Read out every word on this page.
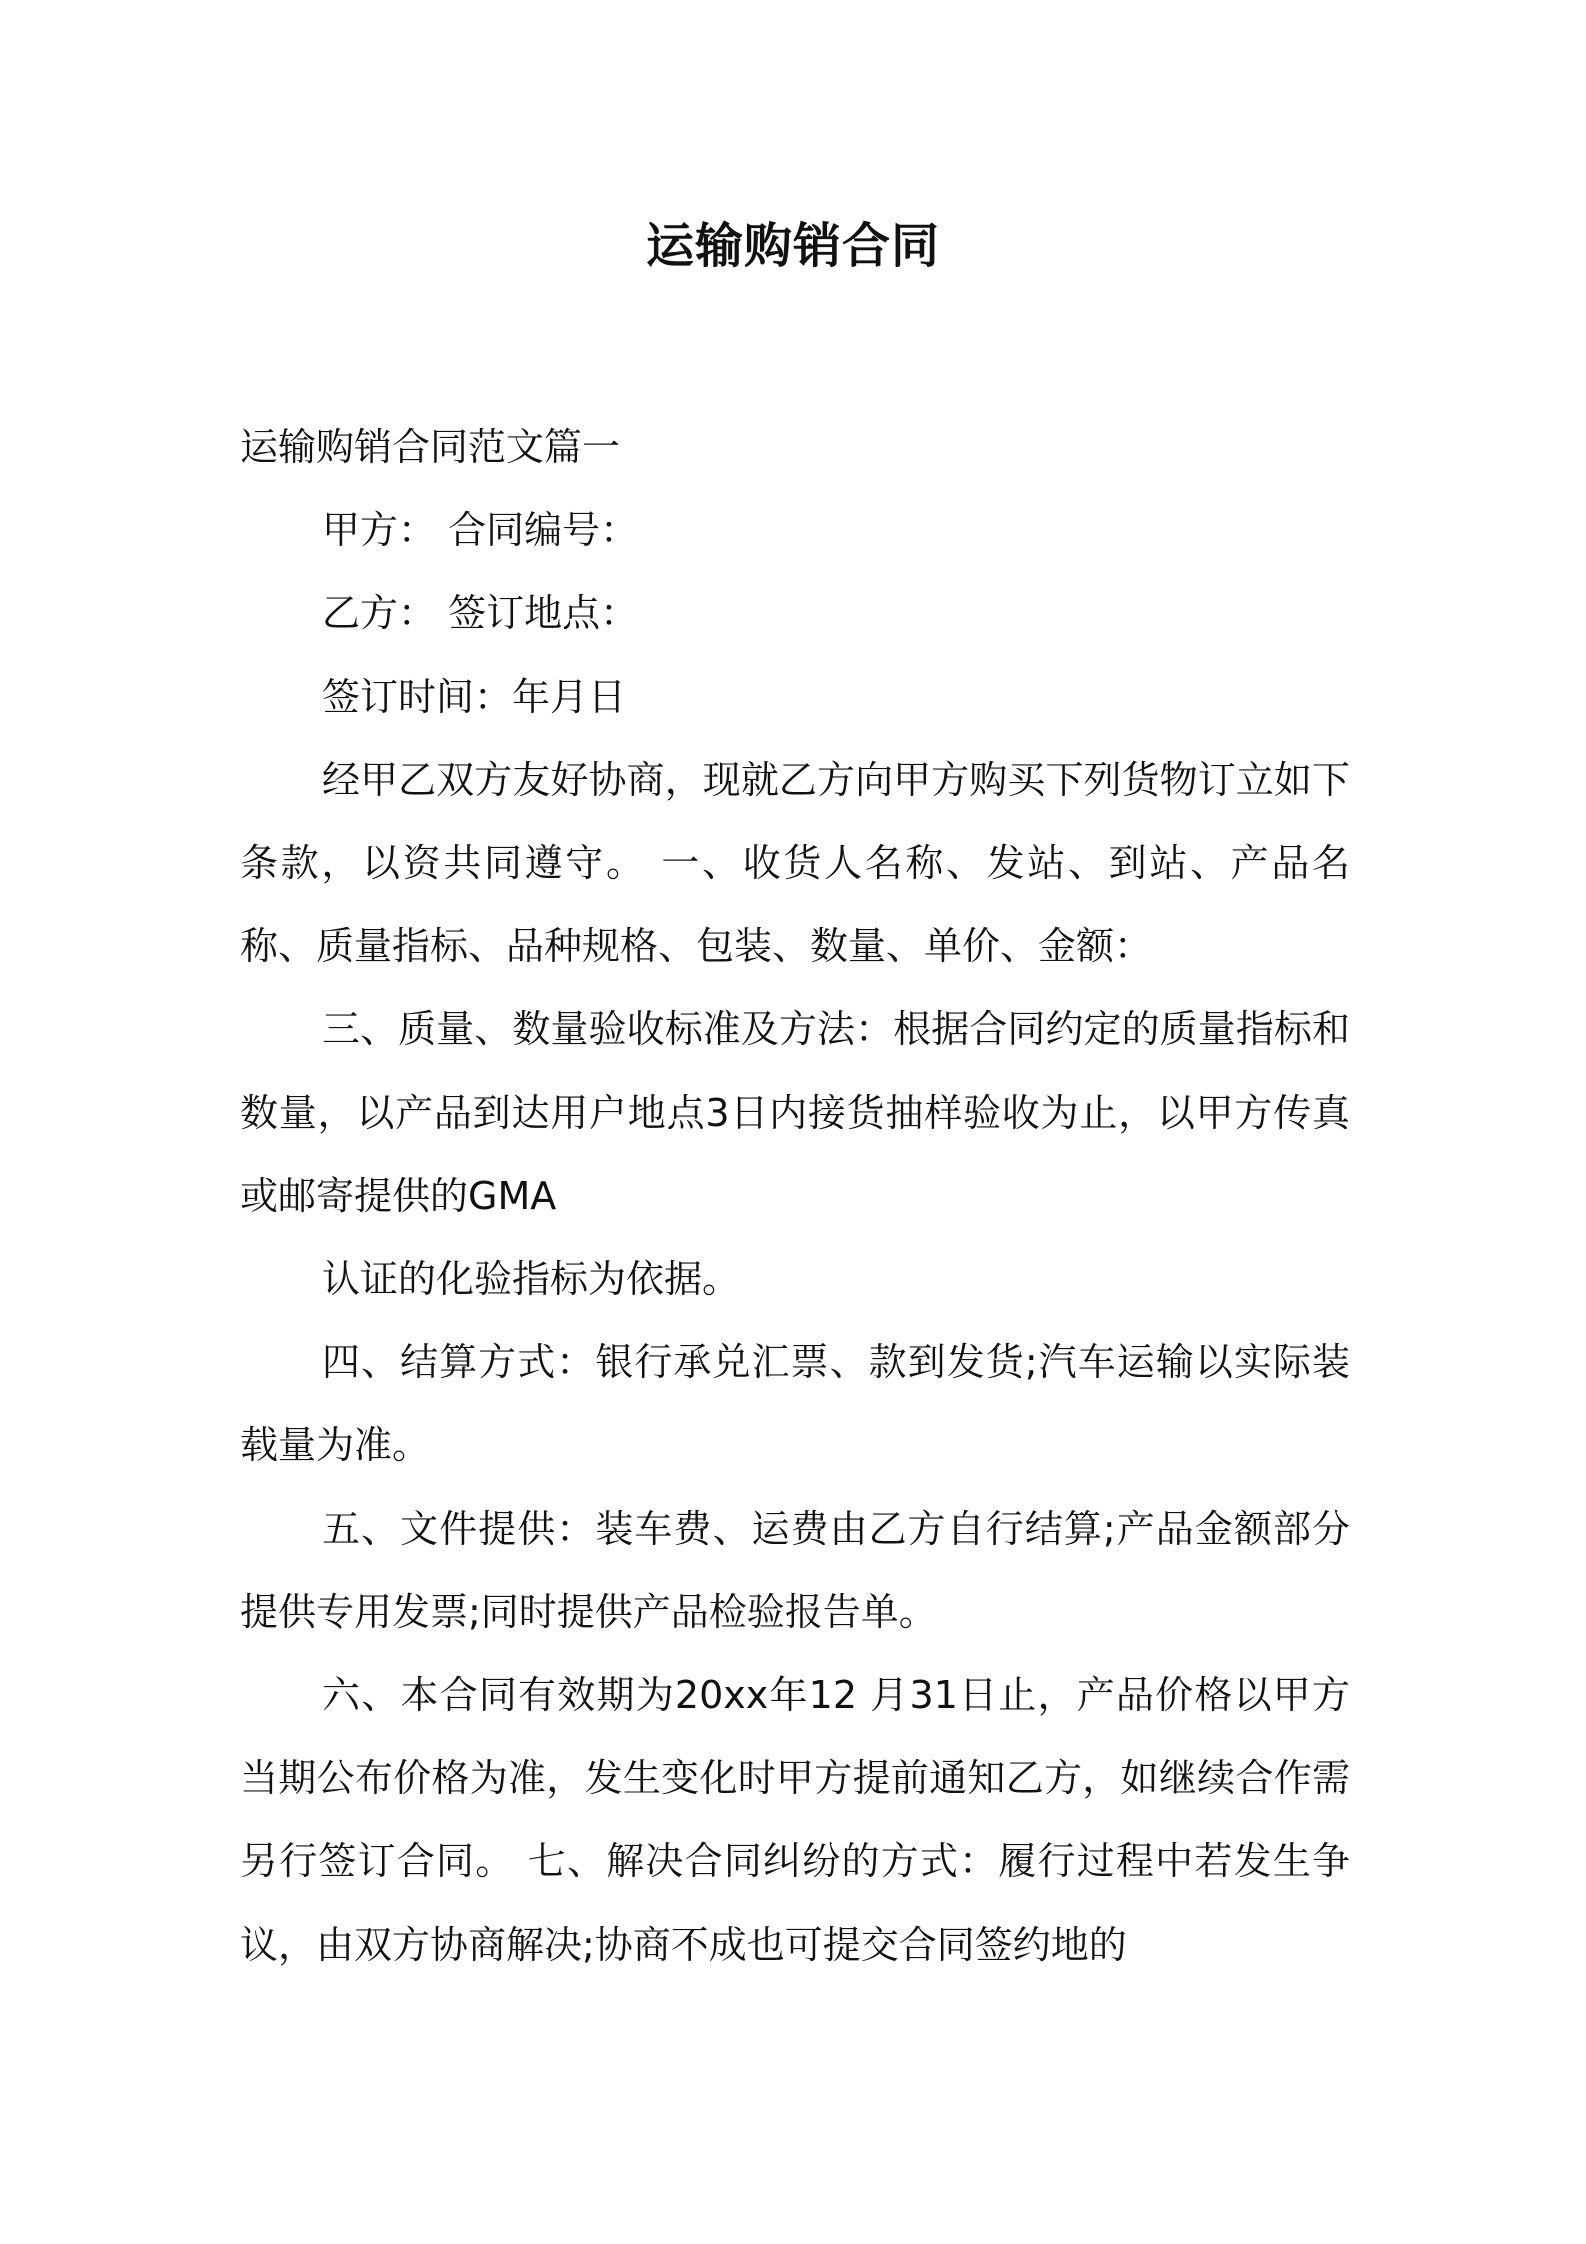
运输购销合同

运输购销合同范文篇一

甲方： 合同编号：

乙方： 签订地点：

签订时间：年月日

经甲乙双方友好协商，现就乙方向甲方购买下列货物订立如下条款，以资共同遵守。 一、收货人名称、发站、到站、产品名称、质量指标、品种规格、包装、数量、单价、金额：

三、质量、数量验收标准及方法：根据合同约定的质量指标和数量，以产品到达用户地点3日内接货抽样验收为止，以甲方传真或邮寄提供的GMA

认证的化验指标为依据。

四、结算方式：银行承兑汇票、款到发货;汽车运输以实际装载量为准。

五、文件提供：装车费、运费由乙方自行结算;产品金额部分提供专用发票;同时提供产品检验报告单。

六、本合同有效期为20xx年12 月31日止，产品价格以甲方当期公布价格为准，发生变化时甲方提前通知乙方，如继续合作需另行签订合同。 七、解决合同纠纷的方式：履行过程中若发生争议，由双方协商解决;协商不成也可提交合同签约地的
